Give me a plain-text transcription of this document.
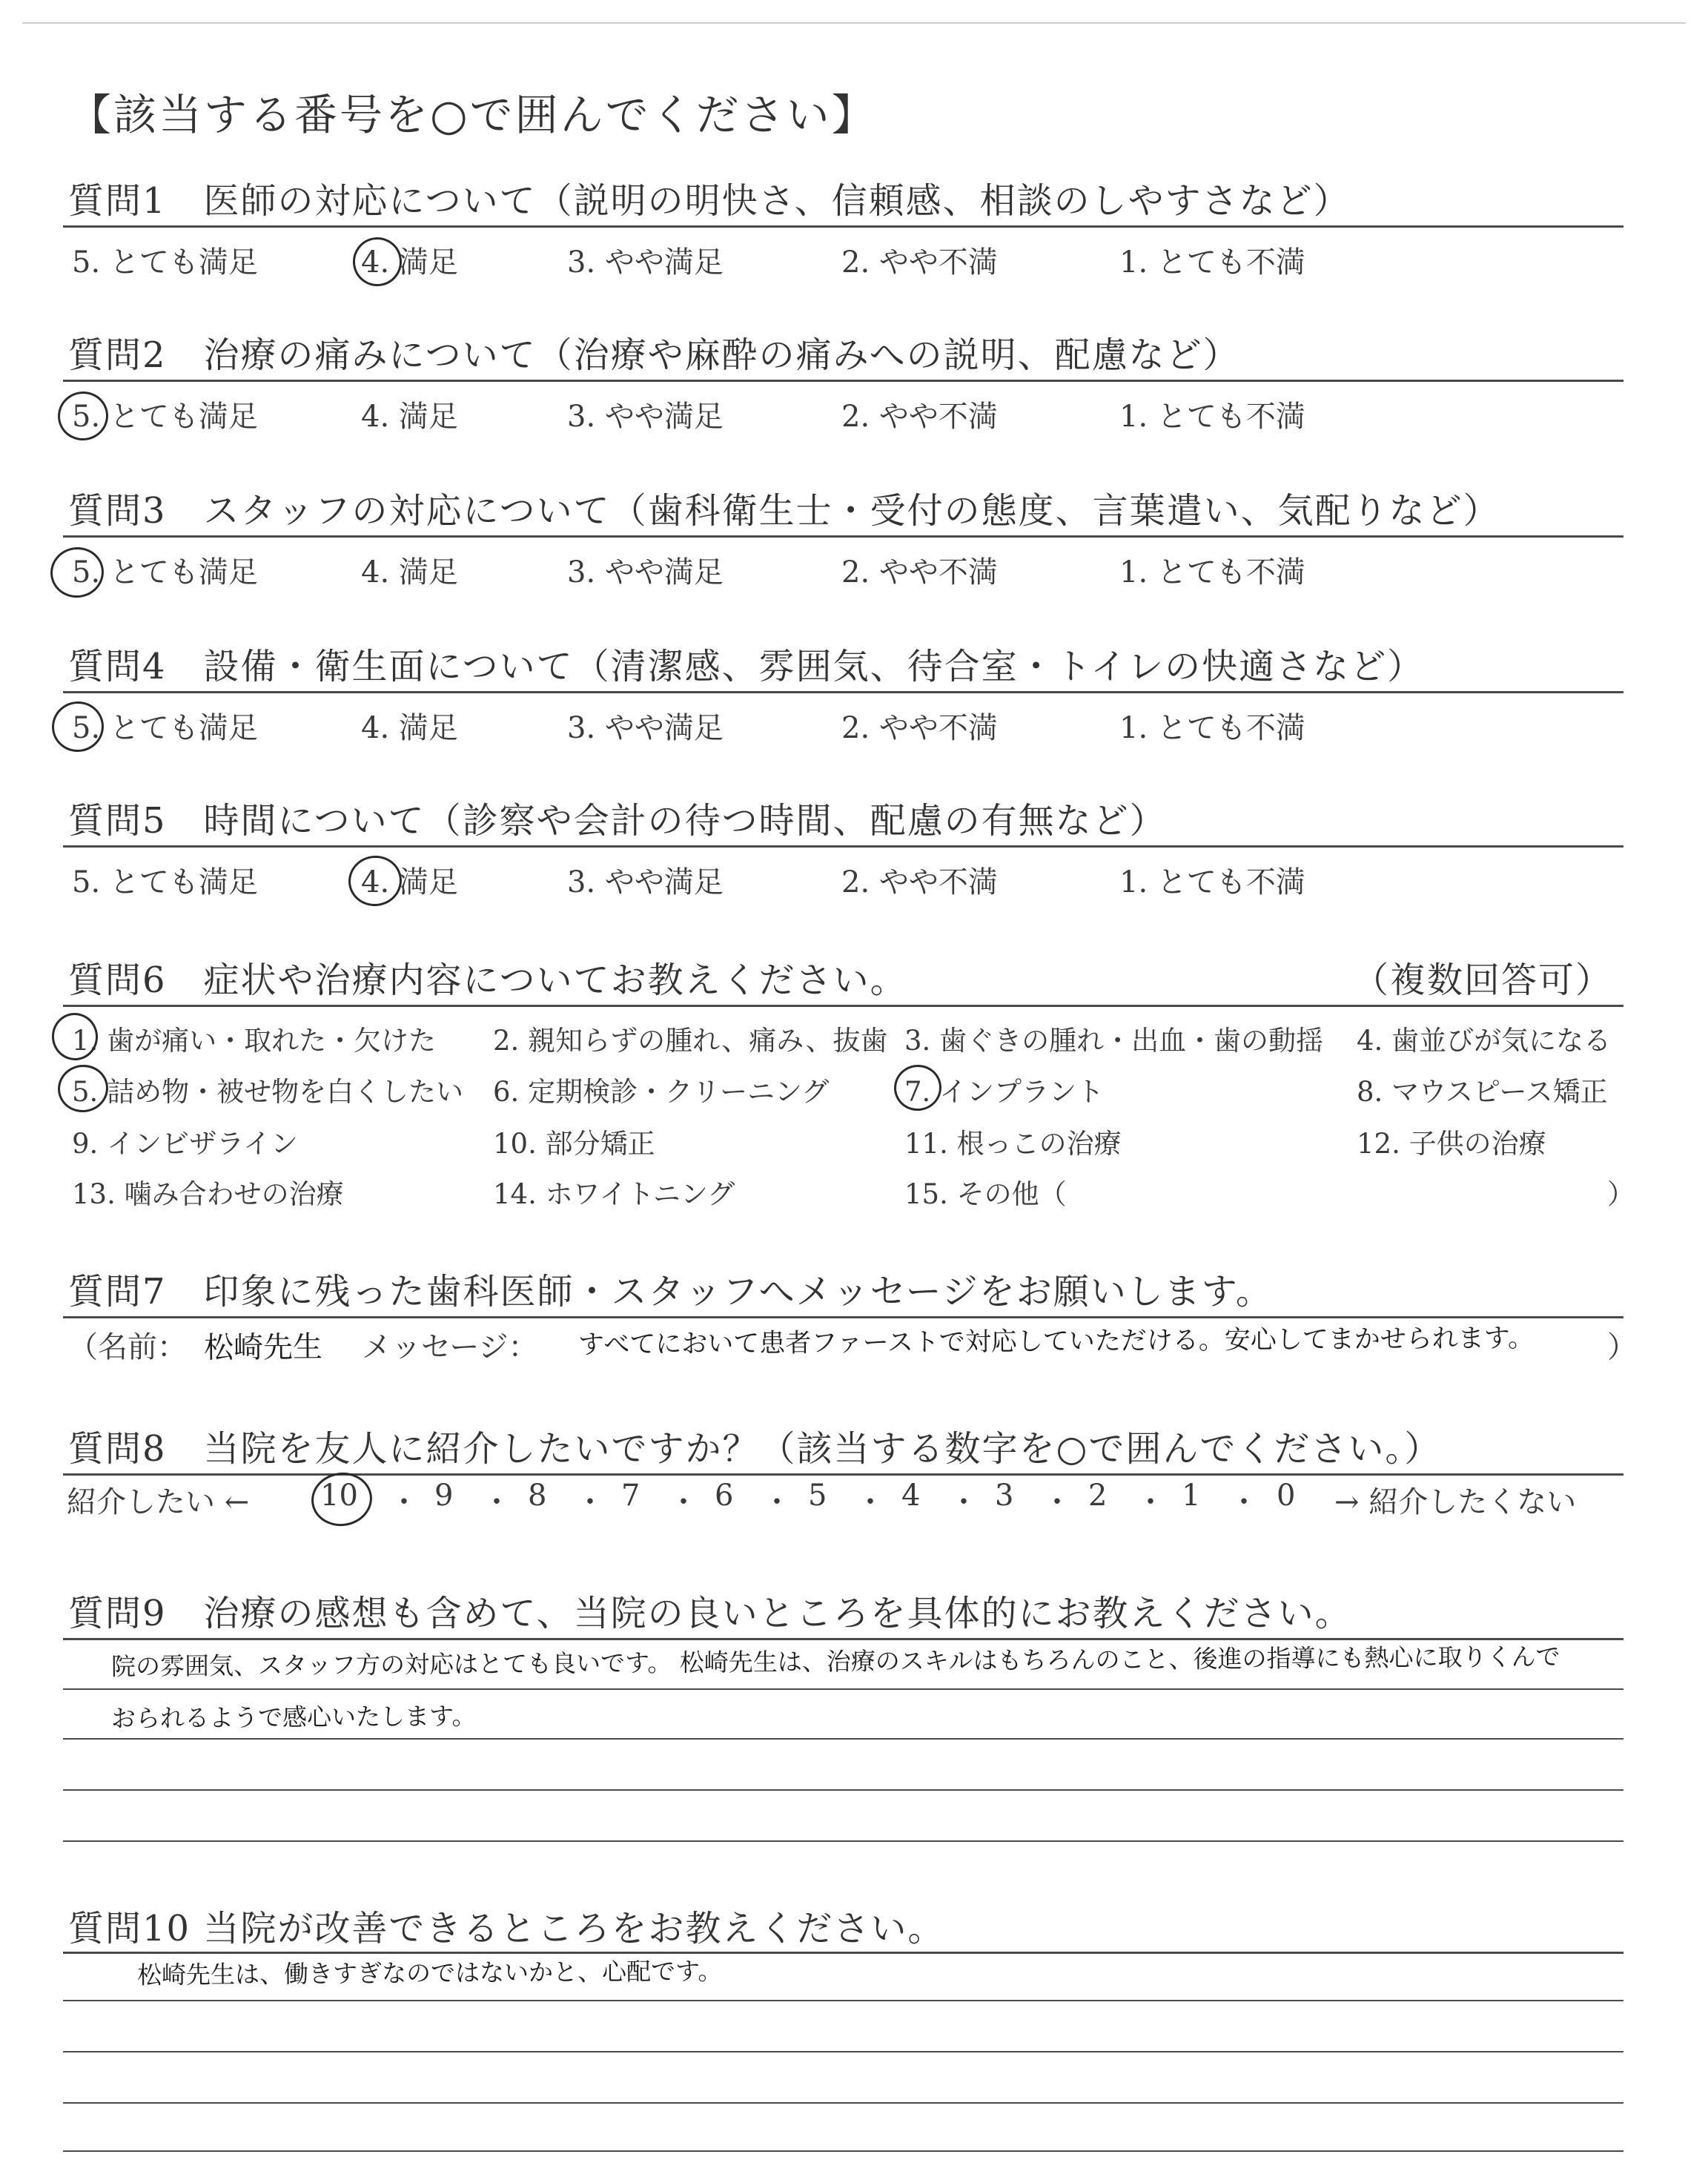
【該当する番号を○で囲んでください】
質問1　医師の対応について（説明の明快さ、信頼感、相談のしやすさなど）
5. とても満足	4. 満足	3. やや満足	2. やや不満	1. とても不満
質問2　治療の痛みについて（治療や麻酔の痛みへの説明、配慮など）
5. とても満足	4. 満足	3. やや満足	2. やや不満	1. とても不満
質問3　スタッフの対応について（歯科衛生士・受付の態度、言葉遣い、気配りなど）
5. とても満足	4. 満足	3. やや満足	2. やや不満	1. とても不満
質問4　設備・衛生面について（清潔感、雰囲気、待合室・トイレの快適さなど）
5. とても満足	4. 満足	3. やや満足	2. やや不満	1. とても不満
質問5　時間について（診察や会計の待つ時間、配慮の有無など）
5. とても満足	4. 満足	3. やや満足	2. やや不満	1. とても不満
質問6　症状や治療内容についてお教えください。	（複数回答可）
1. 歯が痛い・取れた・欠けた 2. 親知らずの腫れ、痛み、抜歯 3. 歯ぐきの腫れ・出血・歯の動揺 4. 歯並びが気になる
5. 詰め物・被せ物を白くしたい 6. 定期検診・クリーニング	7. インプラント	8. マウスピース矯正
9. インビザライン	10. 部分矯正	11. 根っこの治療	12. 子供の治療
13. 噛み合わせの治療	14. ホワイトニング	15. その他（	）
質問7　印象に残った歯科医師・スタッフへメッセージをお願いします。
（名前： 松崎先生 メッセージ： すべてにおいて患者ファーストで対応していただける。安心してまかせられます。 ）
質問8　当院を友人に紹介したいですか？（該当する数字を○で囲んでください。）
紹介したい ← 10 ・ 9 ・ 8 ・ 7 ・ 6 ・ 5 ・ 4 ・ 3 ・ 2 ・ 1 ・ 0 → 紹介したくない
質問9　治療の感想も含めて、当院の良いところを具体的にお教えください。
院の雰囲気、スタッフ方の対応はとても良いです。 松崎先生は、治療のスキルはもちろんのこと、後進の指導にも熱心に取りくんで
おられるようで感心いたします。
質問10 当院が改善できるところをお教えください。
松崎先生は、働きすぎなのではないかと、心配です。
